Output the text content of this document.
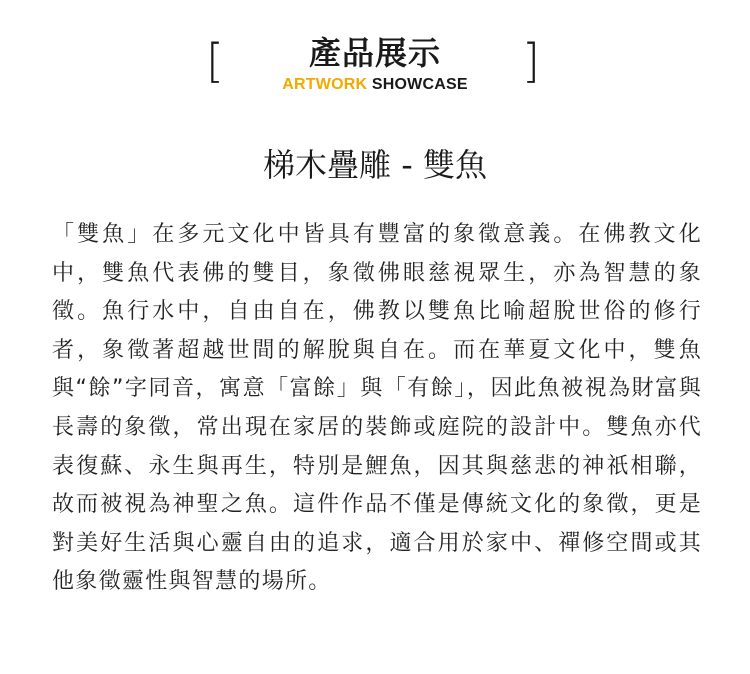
[	產品展示
ARTWORK SHOWCASE	]
梯木疊雕 - 雙魚

「雙魚」在多元文化中皆具有豐富的象徵意義。在佛教文化中，雙魚代表佛的雙目，象徵佛眼慈視眾生，亦為智慧的象徵。魚行水中，自由自在，佛教以雙魚比喻超脫世俗的修行者，象徵著超越世間的解脫與自在。而在華夏文化中，雙魚與“餘”字同音，寓意「富餘」與「有餘」，因此魚被視為財富與長壽的象徵，常出現在家居的裝飾或庭院的設計中。雙魚亦代表復蘇、永生與再生，特別是鯉魚，因其與慈悲的神祇相聯，故而被視為神聖之魚。這件作品不僅是傳統文化的象徵，更是對美好生活與心靈自由的追求，適合用於家中、禪修空間或其他象徵靈性與智慧的場所。
